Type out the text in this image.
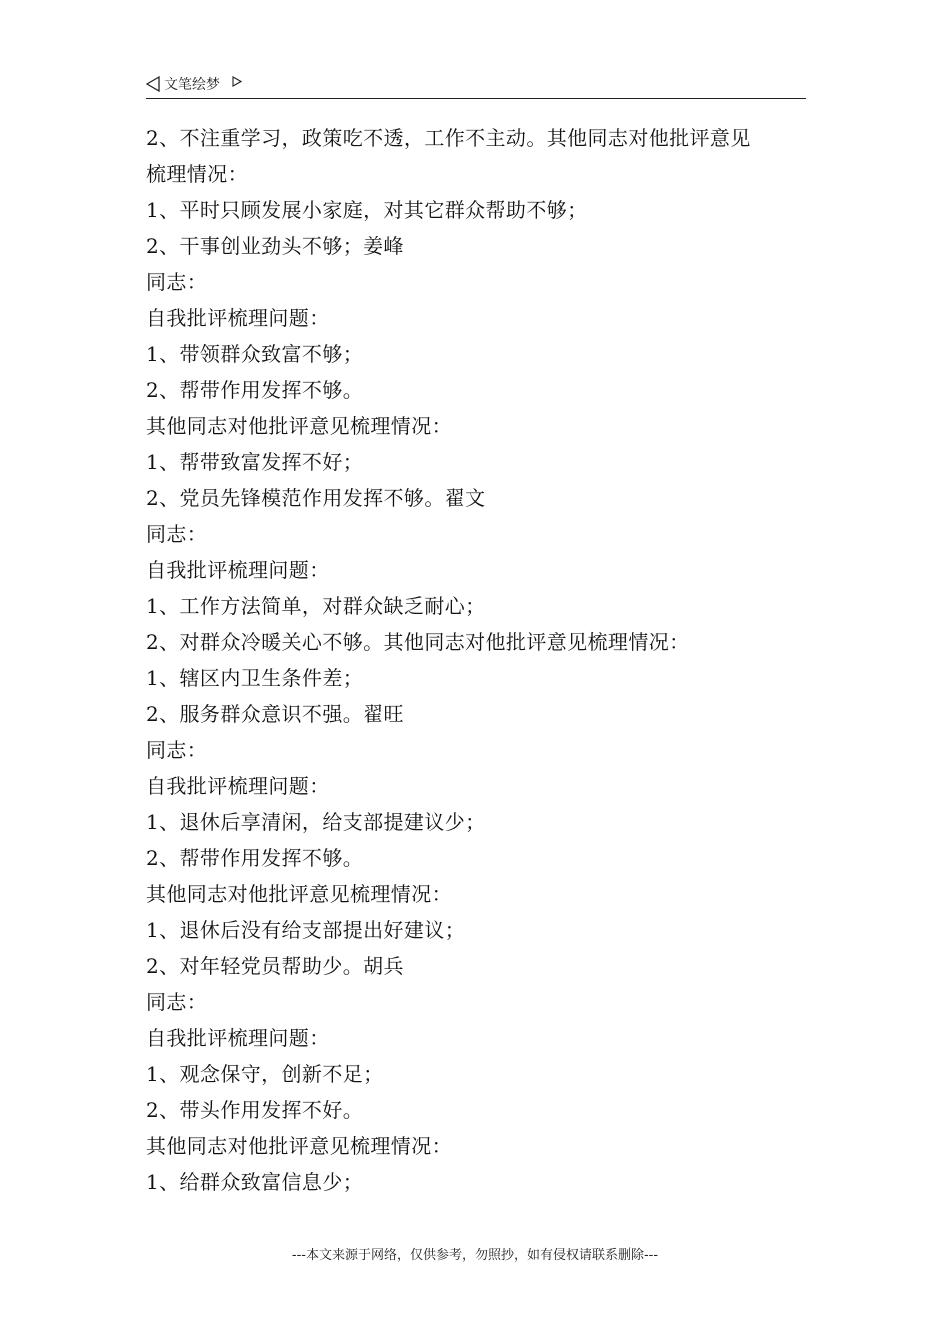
文笔绘梦
2、不注重学习，政策吃不透，工作不主动。其他同志对他批评意见
梳理情况：
1、平时只顾发展小家庭，对其它群众帮助不够；
2、干事创业劲头不够；姜峰
同志：
自我批评梳理问题：
1、带领群众致富不够；
2、帮带作用发挥不够。
其他同志对他批评意见梳理情况：
1、帮带致富发挥不好；
2、党员先锋模范作用发挥不够。翟文
同志：
自我批评梳理问题：
1、工作方法简单，对群众缺乏耐心；
2、对群众冷暖关心不够。其他同志对他批评意见梳理情况：
1、辖区内卫生条件差；
2、服务群众意识不强。翟旺
同志：
自我批评梳理问题：
1、退休后享清闲，给支部提建议少；
2、帮带作用发挥不够。
其他同志对他批评意见梳理情况：
1、退休后没有给支部提出好建议；
2、对年轻党员帮助少。胡兵
同志：
自我批评梳理问题：
1、观念保守，创新不足；
2、带头作用发挥不好。
其他同志对他批评意见梳理情况：
1、给群众致富信息少；
---本文来源于网络，仅供参考，勿照抄，如有侵权请联系删除---
